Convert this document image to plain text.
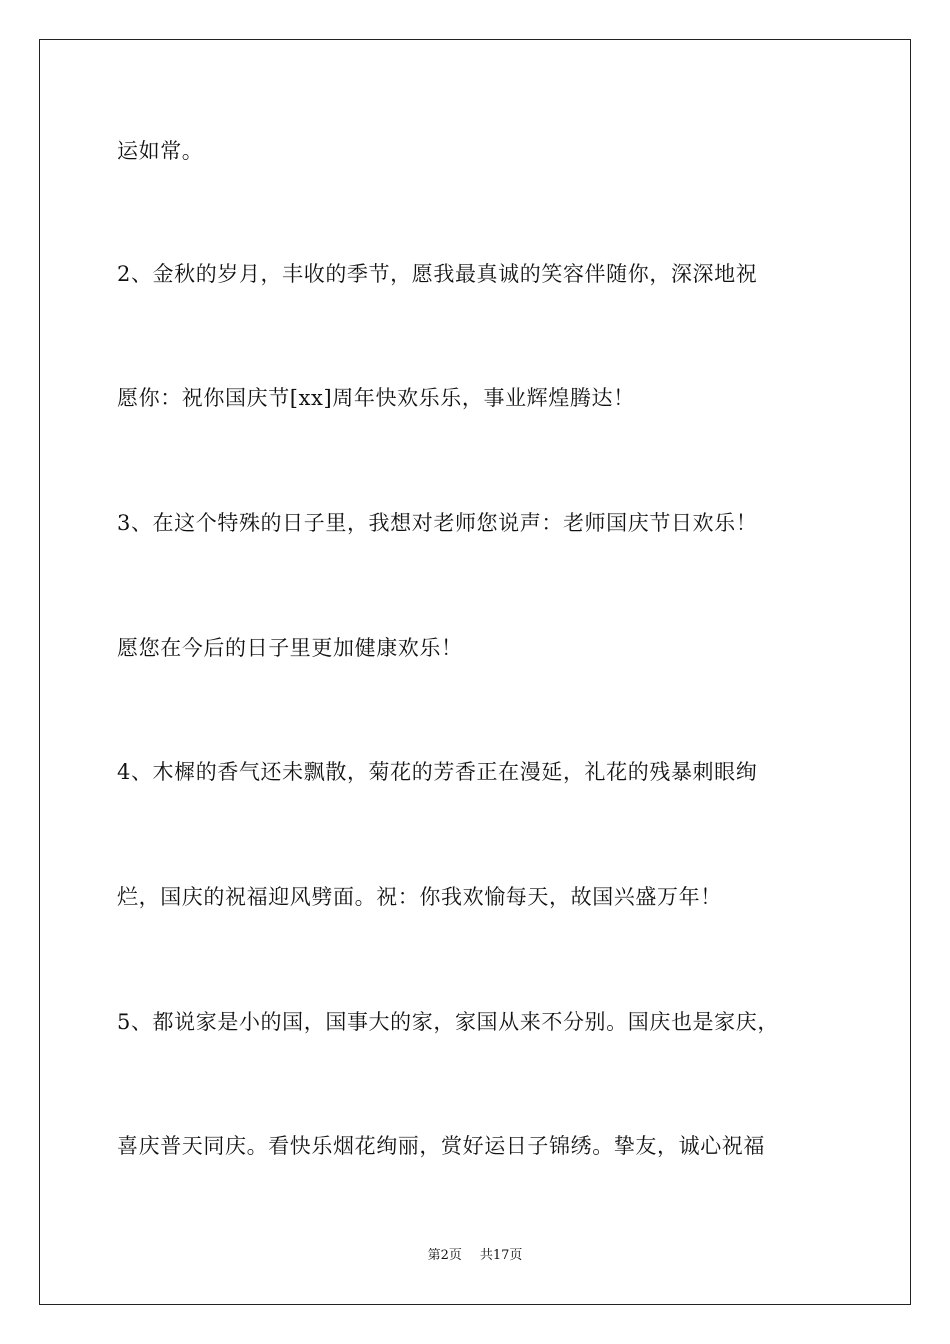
运如常。

2、金秋的岁月，丰收的季节，愿我最真诚的笑容伴随你，深深地祝

愿你：祝你国庆节[xx]周年快欢乐乐，事业辉煌腾达！

3、在这个特殊的日子里，我想对老师您说声：老师国庆节日欢乐！

愿您在今后的日子里更加健康欢乐！

4、木樨的香气还未飘散，菊花的芳香正在漫延，礼花的残暴刺眼绚

烂，国庆的祝福迎风劈面。祝：你我欢愉每天，故国兴盛万年！

5、都说家是小的国，国事大的家，家国从来不分别。国庆也是家庆，

喜庆普天同庆。看快乐烟花绚丽，赏好运日子锦绣。挚友，诚心祝福

第2页 共17页
